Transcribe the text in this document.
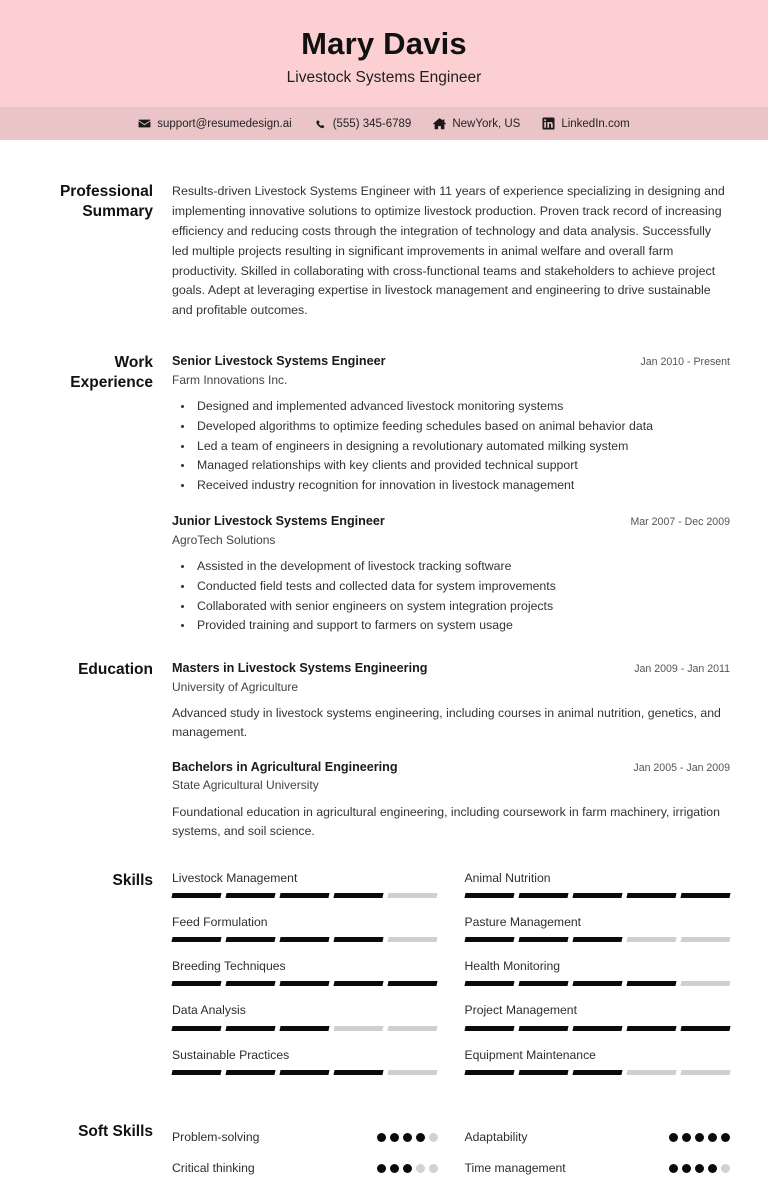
Mary Davis
Livestock Systems Engineer
support@resumedesign.ai	(555) 345-6789	NewYork, US	LinkedIn.com
Professional Summary
Results-driven Livestock Systems Engineer with 11 years of experience specializing in designing and implementing innovative solutions to optimize livestock production. Proven track record of increasing efficiency and reducing costs through the integration of technology and data analysis. Successfully led multiple projects resulting in significant improvements in animal welfare and overall farm productivity. Skilled in collaborating with cross-functional teams and stakeholders to achieve project goals. Adept at leveraging expertise in livestock management and engineering to drive sustainable and profitable outcomes.
Work Experience
Senior Livestock Systems Engineer	Jan 2010 - Present
Farm Innovations Inc.
Designed and implemented advanced livestock monitoring systems
Developed algorithms to optimize feeding schedules based on animal behavior data
Led a team of engineers in designing a revolutionary automated milking system
Managed relationships with key clients and provided technical support
Received industry recognition for innovation in livestock management
Junior Livestock Systems Engineer	Mar 2007 - Dec 2009
AgroTech Solutions
Assisted in the development of livestock tracking software
Conducted field tests and collected data for system improvements
Collaborated with senior engineers on system integration projects
Provided training and support to farmers on system usage
Education	Masters in Livestock Systems Engineering	Jan 2009 - Jan 2011
University of Agriculture
Advanced study in livestock systems engineering, including courses in animal nutrition, genetics, and management.
Bachelors in Agricultural Engineering	Jan 2005 - Jan 2009
State Agricultural University
Foundational education in agricultural engineering, including coursework in farm machinery, irrigation systems, and soil science.
Skills	Livestock Management	Animal Nutrition
Feed Formulation	Pasture Management
Breeding Techniques	Health Monitoring
Data Analysis	Project Management
Sustainable Practices	Equipment Maintenance
Soft Skills	Problem-solving	Adaptability
Critical thinking	Time management
